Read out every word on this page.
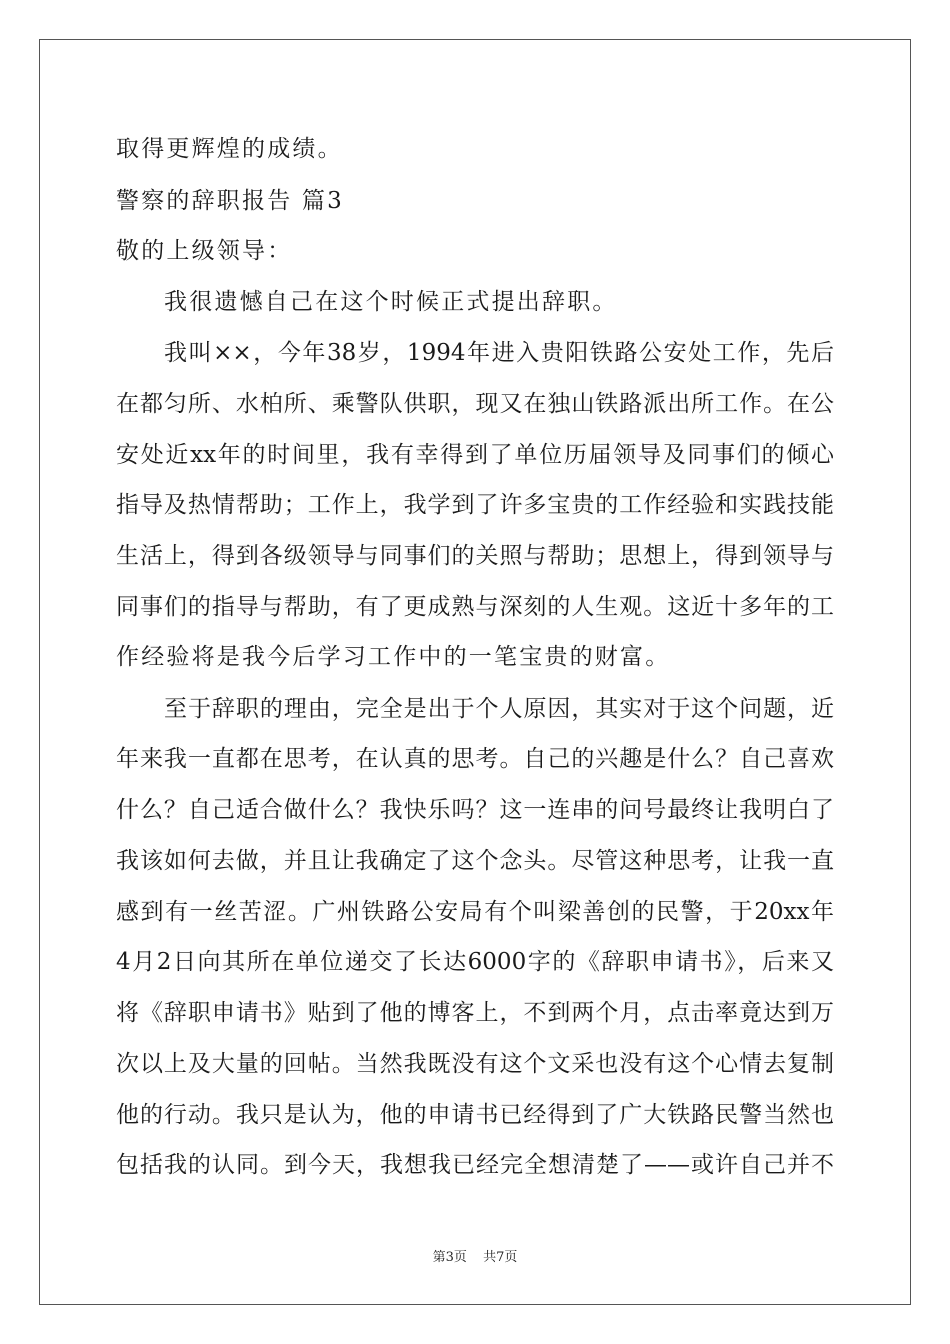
取得更辉煌的成绩。
警察的辞职报告 篇3
敬的上级领导：
我很遗憾自己在这个时候正式提出辞职。
我叫××，今年38岁，1994年进入贵阳铁路公安处工作，先后
在都匀所、水柏所、乘警队供职，现又在独山铁路派出所工作。在公
安处近xx年的时间里，我有幸得到了单位历届领导及同事们的倾心
指导及热情帮助；工作上，我学到了许多宝贵的工作经验和实践技能
生活上，得到各级领导与同事们的关照与帮助；思想上，得到领导与
同事们的指导与帮助，有了更成熟与深刻的人生观。这近十多年的工
作经验将是我今后学习工作中的一笔宝贵的财富。
至于辞职的理由，完全是出于个人原因，其实对于这个问题，近
年来我一直都在思考，在认真的思考。自己的兴趣是什么？自己喜欢
什么？自己适合做什么？我快乐吗？这一连串的问号最终让我明白了
我该如何去做，并且让我确定了这个念头。尽管这种思考，让我一直
感到有一丝苦涩。广州铁路公安局有个叫梁善创的民警，于20xx年
4月2日向其所在单位递交了长达6000字的《辞职申请书》，后来又
将《辞职申请书》贴到了他的博客上，不到两个月，点击率竟达到万
次以上及大量的回帖。当然我既没有这个文采也没有这个心情去复制
他的行动。我只是认为，他的申请书已经得到了广大铁路民警当然也
包括我的认同。到今天，我想我已经完全想清楚了——或许自己并不
第3页 共7页
